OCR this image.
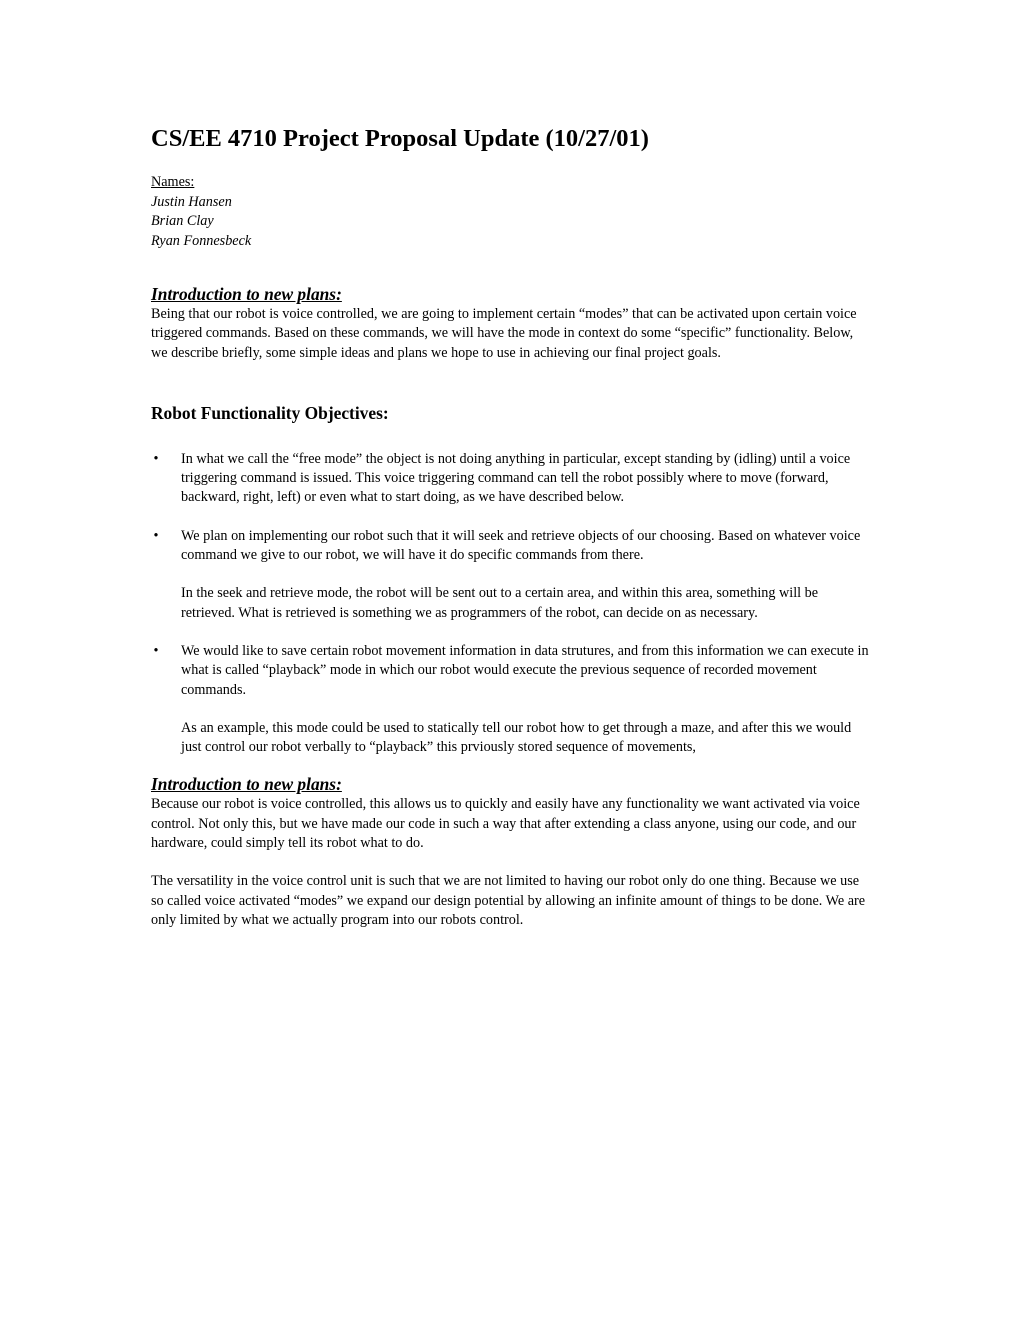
CS/EE 4710 Project Proposal Update (10/27/01)
Names:
Justin Hansen
Brian Clay
Ryan Fonnesbeck
Introduction to new plans:

Being that our robot is voice controlled, we are going to implement certain “modes” that can be activated upon certain voice triggered commands. Based on these commands, we will have the mode in context do some “specific” functionality. Below, we describe briefly, some simple ideas and plans we hope to use in achieving our final project goals.

Robot Functionality Objectives:
• In what we call the “free mode” the object is not doing anything in particular, except standing by (idling) until a voice triggering command is issued. This voice triggering command can tell the robot possibly where to move (forward, backward, right, left) or even what to start doing, as we have described below.
• We plan on implementing our robot such that it will seek and retrieve objects of our choosing. Based on whatever voice command we give to our robot, we will have it do specific commands from there.
In the seek and retrieve mode, the robot will be sent out to a certain area, and within this area, something will be retrieved. What is retrieved is something we as programmers of the robot, can decide on as necessary.
• We would like to save certain robot movement information in data strutures, and from this information we can execute in what is called “playback” mode in which our robot would execute the previous sequence of recorded movement commands.
As an example, this mode could be used to statically tell our robot how to get through a maze, and after this we would just control our robot verbally to “playback” this prviously stored sequence of movements,
Introduction to new plans:

Because our robot is voice controlled, this allows us to quickly and easily have any functionality we want activated via voice control. Not only this, but we have made our code in such a way that after extending a class anyone, using our code, and our hardware, could simply tell its robot what to do.

The versatility in the voice control unit is such that we are not limited to having our robot only do one thing. Because we use so called voice activated “modes” we expand our design potential by allowing an infinite amount of things to be done. We are only limited by what we actually program into our robots control.
